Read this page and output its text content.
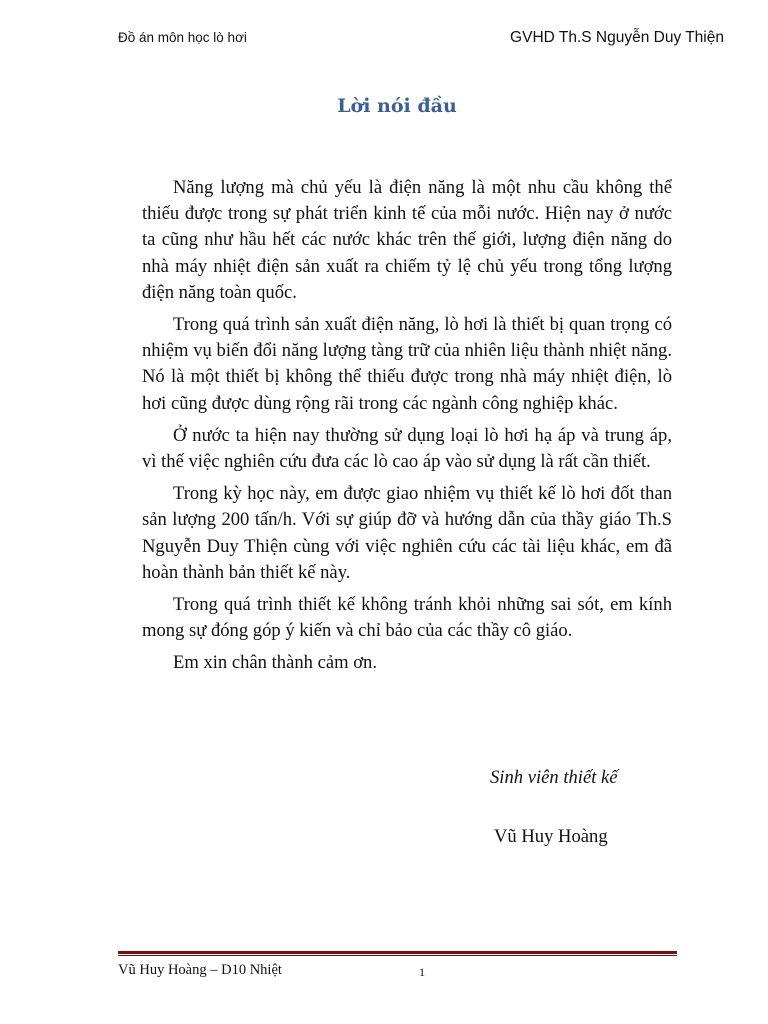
Đồ án môn học lò hơi	GVHD Th.S Nguyễn Duy Thiện
Lời nói đầu

Năng lượng mà chủ yếu là điện năng là một nhu cầu không thể thiếu được trong sự phát triển kinh tế của mỗi nước. Hiện nay ở nước ta cũng như hầu hết các nước khác trên thế giới, lượng điện năng do nhà máy nhiệt điện sản xuất ra chiếm tỷ lệ chủ yếu trong tổng lượng điện năng toàn quốc.

Trong quá trình sản xuất điện năng, lò hơi là thiết bị quan trọng có nhiệm vụ biến đổi năng lượng tàng trữ của nhiên liệu thành nhiệt năng. Nó là một thiết bị không thể thiếu được trong nhà máy nhiệt điện, lò hơi cũng được dùng rộng rãi trong các ngành công nghiệp khác.

Ở nước ta hiện nay thường sử dụng loại lò hơi hạ áp và trung áp, vì thế việc nghiên cứu đưa các lò cao áp vào sử dụng là rất cần thiết.

Trong kỳ học này, em được giao nhiệm vụ thiết kế lò hơi đốt than sản lượng 200 tấn/h. Với sự giúp đỡ và hướng dẫn của thầy giáo Th.S Nguyễn Duy Thiện cùng với việc nghiên cứu các tài liệu khác, em đã hoàn thành bản thiết kế này.

Trong quá trình thiết kế không tránh khỏi những sai sót, em kính mong sự đóng góp ý kiến và chỉ bảo của các thầy cô giáo.

Em xin chân thành cảm ơn.

Sinh viên thiết kế
Vũ Huy Hoàng
Vũ Huy Hoàng – D10 Nhiệt	1
